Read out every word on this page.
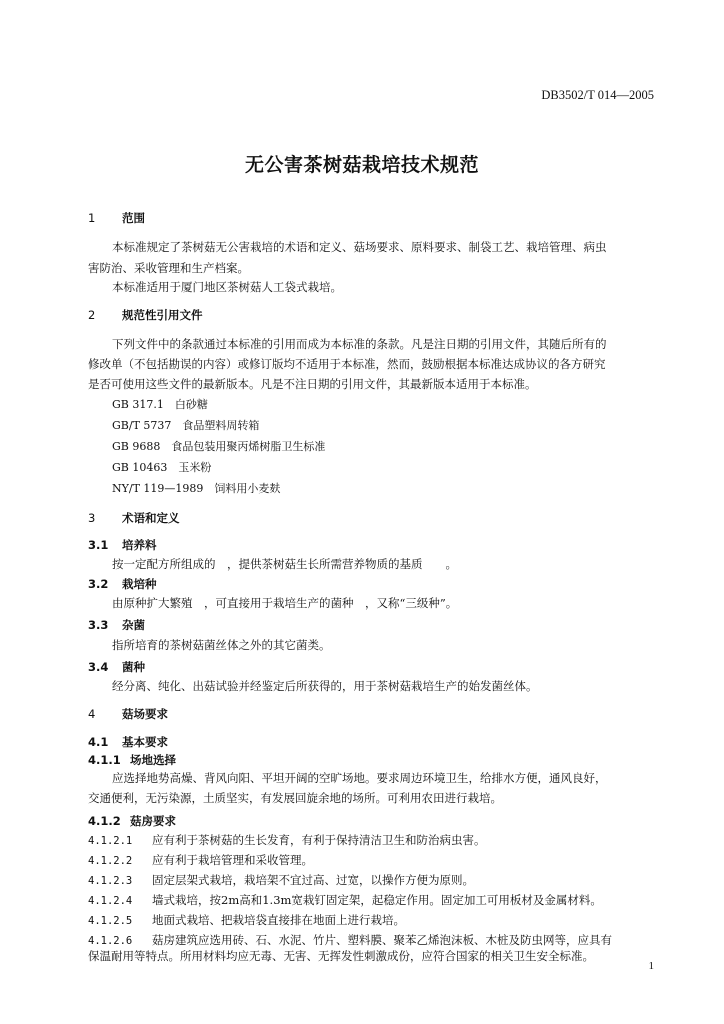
DB3502/T 014—2005
无公害茶树菇栽培技术规范
1 范围
本标准规定了茶树菇无公害栽培的术语和定义、菇场要求、原料要求、制袋工艺、栽培管理、病虫
害防治、采收管理和生产档案。
本标准适用于厦门地区茶树菇人工袋式栽培。
2 规范性引用文件
下列文件中的条款通过本标准的引用而成为本标准的条款。凡是注日期的引用文件，其随后所有的
修改单（不包括勘误的内容）或修订版均不适用于本标准，然而，鼓励根据本标准达成协议的各方研究
是否可使用这些文件的最新版本。凡是不注日期的引用文件，其最新版本适用于本标准。
GB 317.1　白砂糖
GB/T 5737　食品塑料周转箱
GB 9688　食品包装用聚丙烯树脂卫生标准
GB 10463　玉米粉
NY/T 119—1989　饲料用小麦麸
3 术语和定义
3.1 培养料
按一定配方所组成的　，提供茶树菇生长所需营养物质的基质　　。
3.2 栽培种
由原种扩大繁殖　，可直接用于栽培生产的菌种　，又称“三级种”。
3.3 杂菌
指所培育的茶树菇菌丝体之外的其它菌类。
3.4 菌种
经分离、纯化、出菇试验并经鉴定后所获得的，用于茶树菇栽培生产的始发菌丝体。
4 菇场要求
4.1 基本要求
4.1.1 场地选择
应选择地势高燥、背风向阳、平坦开阔的空旷场地。要求周边环境卫生，给排水方便，通风良好，
交通便利，无污染源，土质坚实，有发展回旋余地的场所。可利用农田进行栽培。
4.1.2 菇房要求
4.1.2.1 应有利于茶树菇的生长发育，有利于保持清洁卫生和防治病虫害。
4.1.2.2 应有利于栽培管理和采收管理。
4.1.2.3 固定层架式栽培，栽培架不宜过高、过宽，以操作方便为原则。
4.1.2.4 墙式栽培，按2m高和1.3m宽栽钉固定架，起稳定作用。固定加工可用板材及金属材料。
4.1.2.5 地面式栽培、把栽培袋直接排在地面上进行栽培。
4.1.2.6 菇房建筑应选用砖、石、水泥、竹片、塑料膜、聚苯乙烯泡沫板、木桩及防虫网等，应具有
保温耐用等特点。所用材料均应无毒、无害、无挥发性刺激成份，应符合国家的相关卫生安全标准。
1
